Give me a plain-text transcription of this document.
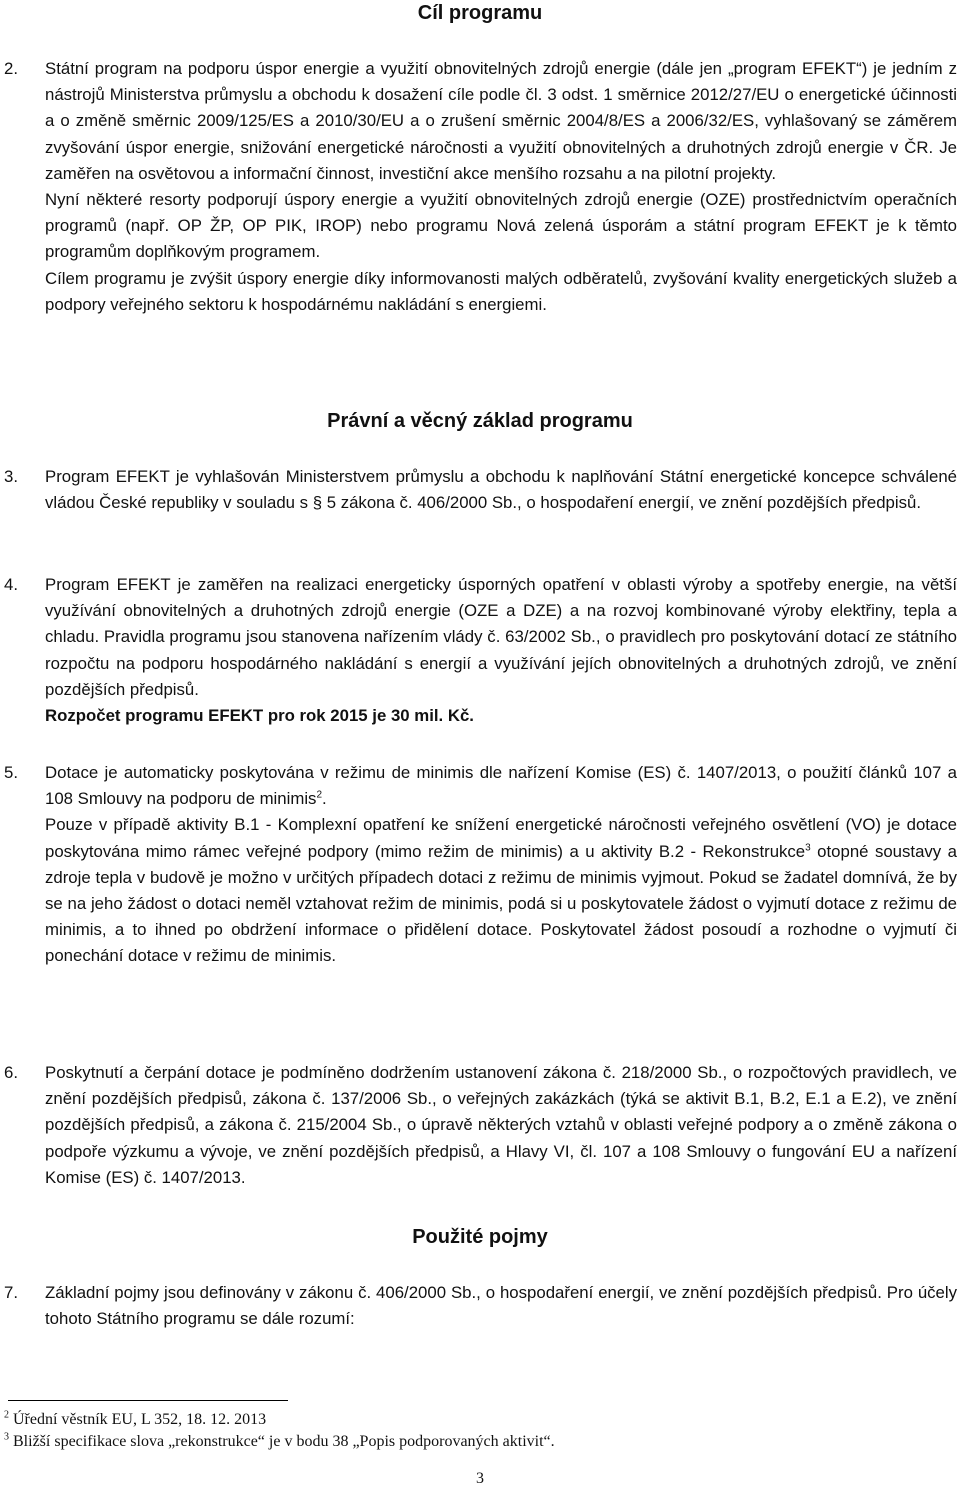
Cíl programu
2.	Státní program na podporu úspor energie a využití obnovitelných zdrojů energie (dále jen „program EFEKT“) je jedním z nástrojů Ministerstva průmyslu a obchodu k dosažení cíle podle čl. 3 odst. 1 směrnice 2012/27/EU o energetické účinnosti a o změně směrnic 2009/125/ES a 2010/30/EU a o zrušení směrnic 2004/8/ES a 2006/32/ES, vyhlašovaný se záměrem zvyšování úspor energie, snižování energetické náročnosti a využití obnovitelných a druhotných zdrojů energie v ČR. Je zaměřen na osvětovou a informační činnost, investiční akce menšího rozsahu a na pilotní projekty.

Nyní některé resorty podporují úspory energie a využití obnovitelných zdrojů energie (OZE) prostřednictvím operačních programů (např. OP ŽP, OP PIK, IROP) nebo programu Nová zelená úsporám a státní program EFEKT je k těmto programům doplňkovým programem.

Cílem programu je zvýšit úspory energie díky informovanosti malých odběratelů, zvyšování kvality energetických služeb a podpory veřejného sektoru k hospodárnému nakládání s energiemi.

Právní a věcný základ programu
3.	Program EFEKT je vyhlašován Ministerstvem průmyslu a obchodu k naplňování Státní energetické koncepce schválené vládou České republiky v souladu s § 5 zákona č. 406/2000 Sb., o hospodaření energií, ve znění pozdějších předpisů.

4.	Program EFEKT je zaměřen na realizaci energeticky úsporných opatření v oblasti výroby a spotřeby energie, na větší využívání obnovitelných a druhotných zdrojů energie (OZE a DZE) a na rozvoj kombinované výroby elektřiny, tepla a chladu. Pravidla programu jsou stanovena nařízením vlády č. 63/2002 Sb., o pravidlech pro poskytování dotací ze státního rozpočtu na podporu hospodárného nakládání s energií a využívání jejích obnovitelných a druhotných zdrojů, ve znění pozdějších předpisů.

Rozpočet programu EFEKT pro rok 2015 je 30 mil. Kč.

5.	Dotace je automaticky poskytována v režimu de minimis dle nařízení Komise (ES) č. 1407/2013, o použití článků 107 a 108 Smlouvy na podporu de minimis$^2$.

Pouze v případě aktivity B.1 - Komplexní opatření ke snížení energetické náročnosti veřejného osvětlení (VO) je dotace poskytována mimo rámec veřejné podpory (mimo režim de minimis) a u aktivity B.2 - Rekonstrukce$^3$ otopné soustavy a zdroje tepla v budově je možno v určitých případech dotaci z režimu de minimis vyjmout. Pokud se žadatel domnívá, že by se na jeho žádost o dotaci neměl vztahovat režim de minimis, podá si u poskytovatele žádost o vyjmutí dotace z režimu de minimis, a to ihned po obdržení informace o přidělení dotace. Poskytovatel žádost posoudí a rozhodne o vyjmutí či ponechání dotace v režimu de minimis.

6.	Poskytnutí a čerpání dotace je podmíněno dodržením ustanovení zákona č. 218/2000 Sb., o rozpočtových pravidlech, ve znění pozdějších předpisů, zákona č. 137/2006 Sb., o veřejných zakázkách (týká se aktivit B.1, B.2, E.1 a E.2), ve znění pozdějších předpisů, a zákona č. 215/2004 Sb., o úpravě některých vztahů v oblasti veřejné podpory a o změně zákona o podpoře výzkumu a vývoje, ve znění pozdějších předpisů, a Hlavy VI, čl. 107 a 108 Smlouvy o fungování EU a nařízení Komise (ES) č. 1407/2013.

Použité pojmy
7.	Základní pojmy jsou definovány v zákonu č. 406/2000 Sb., o hospodaření energií, ve znění pozdějších předpisů. Pro účely tohoto Státního programu se dále rozumí:

$^2$ Úřední věstník EU, L 352, 18. 12. 2013
$^3$ Bližší specifikace slova „rekonstrukce“ je v bodu 38 „Popis podporovaných aktivit“.
3
